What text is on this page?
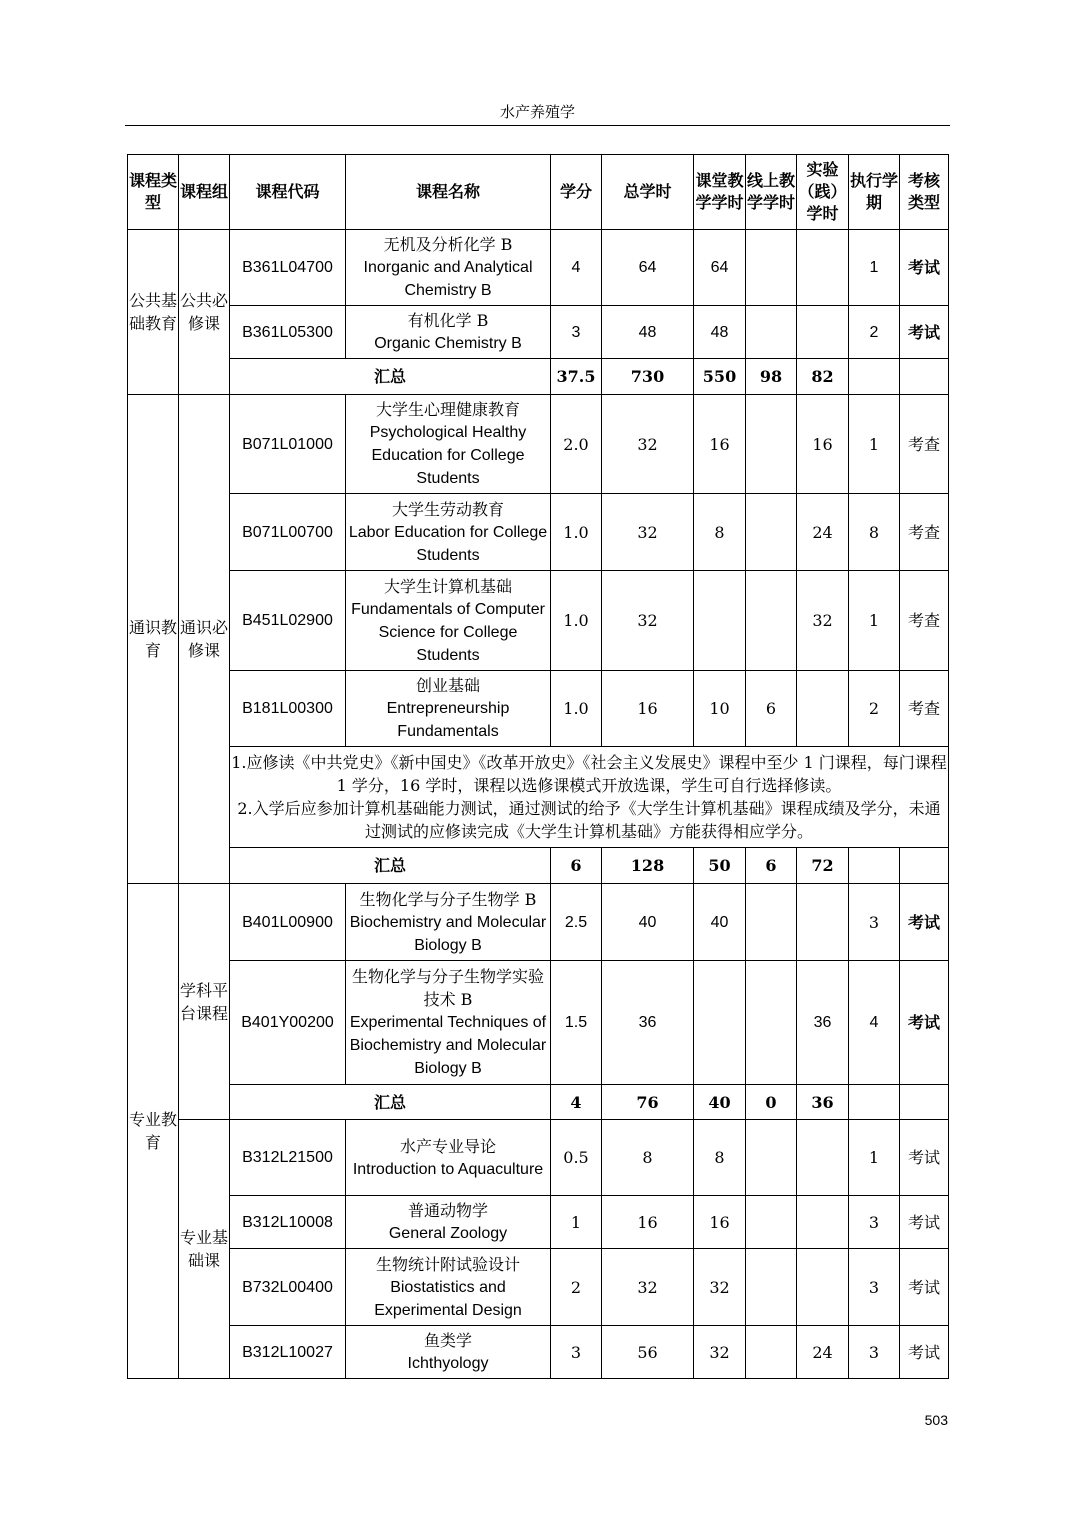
水产养殖学
课程类型	课程组	课程代码	课程名称	学分	总学时	课堂教学学时	线上教学学时	实验（践）学时	执行学期	考核类型
公共基础教育	公共必修课	B361L04700	无机及分析化学 B
Inorganic and Analytical Chemistry B	4	64	64			1	考试
		B361L05300	有机化学 B
Organic Chemistry B	3	48	48			2	考试
		汇总		37.5	730	550	98	82		
通识教育	通识必修课	B071L01000	大学生心理健康教育
Psychological Healthy Education for College Students	2.0	32	16		16	1	考查
		B071L00700	大学生劳动教育
Labor Education for College Students	1.0	32	8		24	8	考查
		B451L02900	大学生计算机基础
Fundamentals of Computer Science for College Students	1.0	32			32	1	考查
		B181L00300	创业基础
Entrepreneurship Fundamentals	1.0	16	10	6		2	考查

		1.应修读《中共党史》《新中国史》《改革开放史》《社会主义发展史》课程中至少 1 门课程，每门课程 1 学分，16 学时，课程以选修课模式开放选课，学生可自行选择修读。
2.入学后应参加计算机基础能力测试，通过测试的给予《大学生计算机基础》课程成绩及学分，未通过测试的应修读完成《大学生计算机基础》方能获得相应学分。								

		汇总		6	128	50	6	72		
专业教育	学科平台课程	B401L00900	生物化学与分子生物学 B
Biochemistry and Molecular Biology B	2.5	40	40			3	考试
		B401Y00200	生物化学与分子生物学实验技术 B
Experimental Techniques of Biochemistry and Molecular Biology B	1.5	36			36	4	考试
		汇总		4	76	40	0	36		
	专业基础课	B312L21500	水产专业导论
Introduction to Aquaculture	0.5	8	8			1	考试
		B312L10008	普通动物学
General Zoology	1	16	16			3	考试
		B732L00400	生物统计附试验设计
Biostatistics and Experimental Design	2	32	32			3	考试
		B312L10027	鱼类学
Ichthyology	3	56	32		24	3	考试
503
